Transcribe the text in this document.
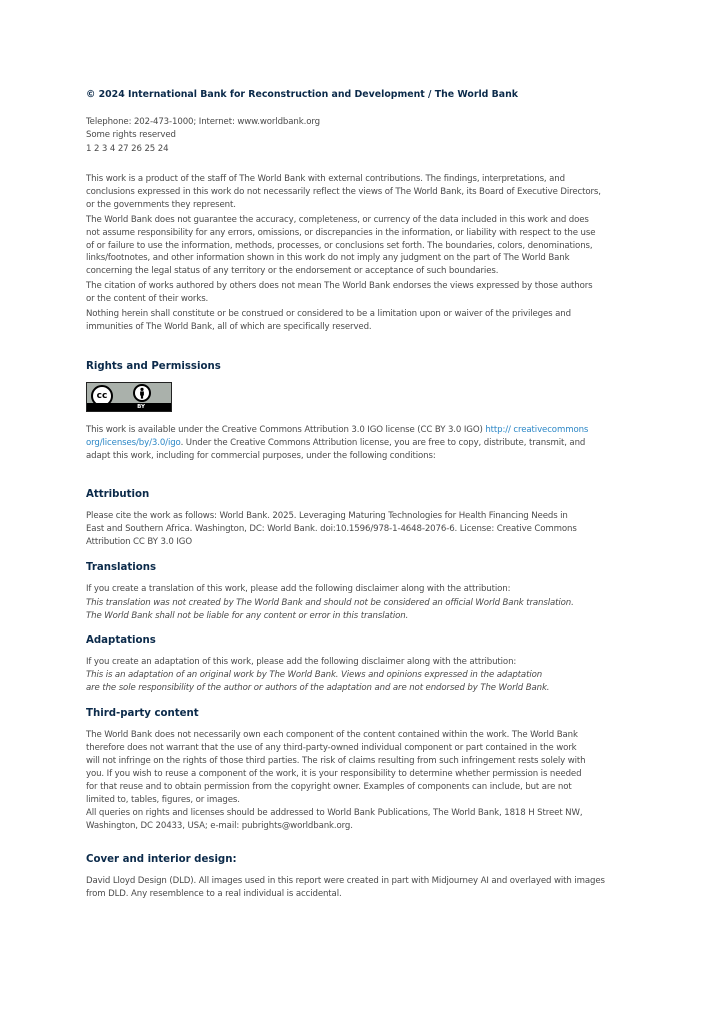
© 2024 International Bank for Reconstruction and Development / The World Bank

Telephone: 202-473-1000; Internet: www.worldbank.org

Some rights reserved

1 2 3 4 27 26 25 24

This work is a product of the staff of The World Bank with external contributions. The findings, interpretations, and
conclusions expressed in this work do not necessarily reflect the views of The World Bank, its Board of Executive Directors,
or the governments they represent.

The World Bank does not guarantee the accuracy, completeness, or currency of the data included in this work and does
not assume responsibility for any errors, omissions, or discrepancies in the information, or liability with respect to the use
of or failure to use the information, methods, processes, or conclusions set forth. The boundaries, colors, denominations,
links/footnotes, and other information shown in this work do not imply any judgment on the part of The World Bank
concerning the legal status of any territory or the endorsement or acceptance of such boundaries.

The citation of works authored by others does not mean The World Bank endorses the views expressed by those authors
or the content of their works.

Nothing herein shall constitute or be construed or considered to be a limitation upon or waiver of the privileges and
immunities of The World Bank, all of which are specifically reserved.

Rights and Permissions
cc
BY

This work is available under the Creative Commons Attribution 3.0 IGO license (CC BY 3.0 IGO) http:// creativecommons
org/licenses/by/3.0/igo. Under the Creative Commons Attribution license, you are free to copy, distribute, transmit, and
adapt this work, including for commercial purposes, under the following conditions:

Attribution

Please cite the work as follows: World Bank. 2025. Leveraging Maturing Technologies for Health Financing Needs in
East and Southern Africa. Washington, DC: World Bank. doi:10.1596/978-1-4648-2076-6. License: Creative Commons
Attribution CC BY 3.0 IGO

Translations

If you create a translation of this work, please add the following disclaimer along with the attribution:

This translation was not created by The World Bank and should not be considered an official World Bank translation.
The World Bank shall not be liable for any content or error in this translation.

Adaptations

If you create an adaptation of this work, please add the following disclaimer along with the attribution:

This is an adaptation of an original work by The World Bank. Views and opinions expressed in the adaptation
are the sole responsibility of the author or authors of the adaptation and are not endorsed by The World Bank.

Third-party content

The World Bank does not necessarily own each component of the content contained within the work. The World Bank
therefore does not warrant that the use of any third-party-owned individual component or part contained in the work
will not infringe on the rights of those third parties. The risk of claims resulting from such infringement rests solely with
you. If you wish to reuse a component of the work, it is your responsibility to determine whether permission is needed
for that reuse and to obtain permission from the copyright owner. Examples of components can include, but are not
limited to, tables, figures, or images.

All queries on rights and licenses should be addressed to World Bank Publications, The World Bank, 1818 H Street NW,
Washington, DC 20433, USA; e-mail: pubrights@worldbank.org.

Cover and interior design:

David Lloyd Design (DLD). All images used in this report were created in part with Midjourney AI and overlayed with images
from DLD. Any resemblence to a real individual is accidental.
